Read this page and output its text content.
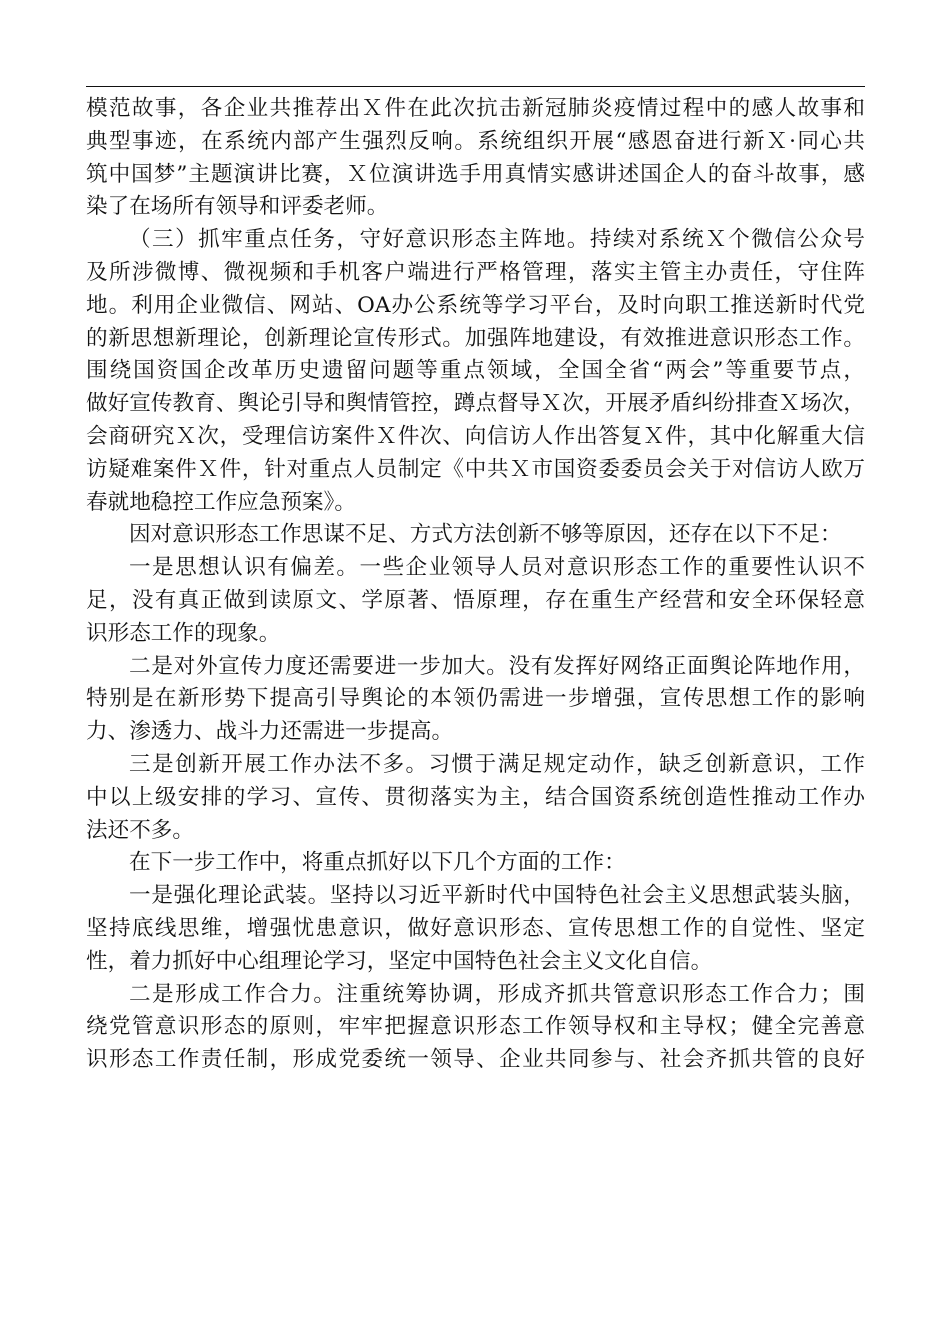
模范故事，各企业共推荐出Ｘ件在此次抗击新冠肺炎疫情过程中的感人故事和
典型事迹，在系统内部产生强烈反响。系统组织开展“感恩奋进行新Ｘ·同心共
筑中国梦”主题演讲比赛，Ｘ位演讲选手用真情实感讲述国企人的奋斗故事，感
染了在场所有领导和评委老师。
（三）抓牢重点任务，守好意识形态主阵地。持续对系统Ｘ个微信公众号
及所涉微博、微视频和手机客户端进行严格管理，落实主管主办责任，守住阵
地。利用企业微信、网站、OA办公系统等学习平台，及时向职工推送新时代党
的新思想新理论，创新理论宣传形式。加强阵地建设，有效推进意识形态工作。
围绕国资国企改革历史遗留问题等重点领域，全国全省“两会”等重要节点，
做好宣传教育、舆论引导和舆情管控，蹲点督导Ｘ次，开展矛盾纠纷排查Ｘ场次，
会商研究Ｘ次，受理信访案件Ｘ件次、向信访人作出答复Ｘ件，其中化解重大信
访疑难案件Ｘ件，针对重点人员制定《中共Ｘ市国资委委员会关于对信访人欧万
春就地稳控工作应急预案》。
因对意识形态工作思谋不足、方式方法创新不够等原因，还存在以下不足：
一是思想认识有偏差。一些企业领导人员对意识形态工作的重要性认识不
足，没有真正做到读原文、学原著、悟原理，存在重生产经营和安全环保轻意
识形态工作的现象。
二是对外宣传力度还需要进一步加大。没有发挥好网络正面舆论阵地作用，
特别是在新形势下提高引导舆论的本领仍需进一步增强，宣传思想工作的影响
力、渗透力、战斗力还需进一步提高。
三是创新开展工作办法不多。习惯于满足规定动作，缺乏创新意识，工作
中以上级安排的学习、宣传、贯彻落实为主，结合国资系统创造性推动工作办
法还不多。
在下一步工作中，将重点抓好以下几个方面的工作：
一是强化理论武装。坚持以习近平新时代中国特色社会主义思想武装头脑，
坚持底线思维，增强忧患意识，做好意识形态、宣传思想工作的自觉性、坚定
性，着力抓好中心组理论学习，坚定中国特色社会主义文化自信。
二是形成工作合力。注重统筹协调，形成齐抓共管意识形态工作合力；围
绕党管意识形态的原则，牢牢把握意识形态工作领导权和主导权；健全完善意
识形态工作责任制，形成党委统一领导、企业共同参与、社会齐抓共管的良好
